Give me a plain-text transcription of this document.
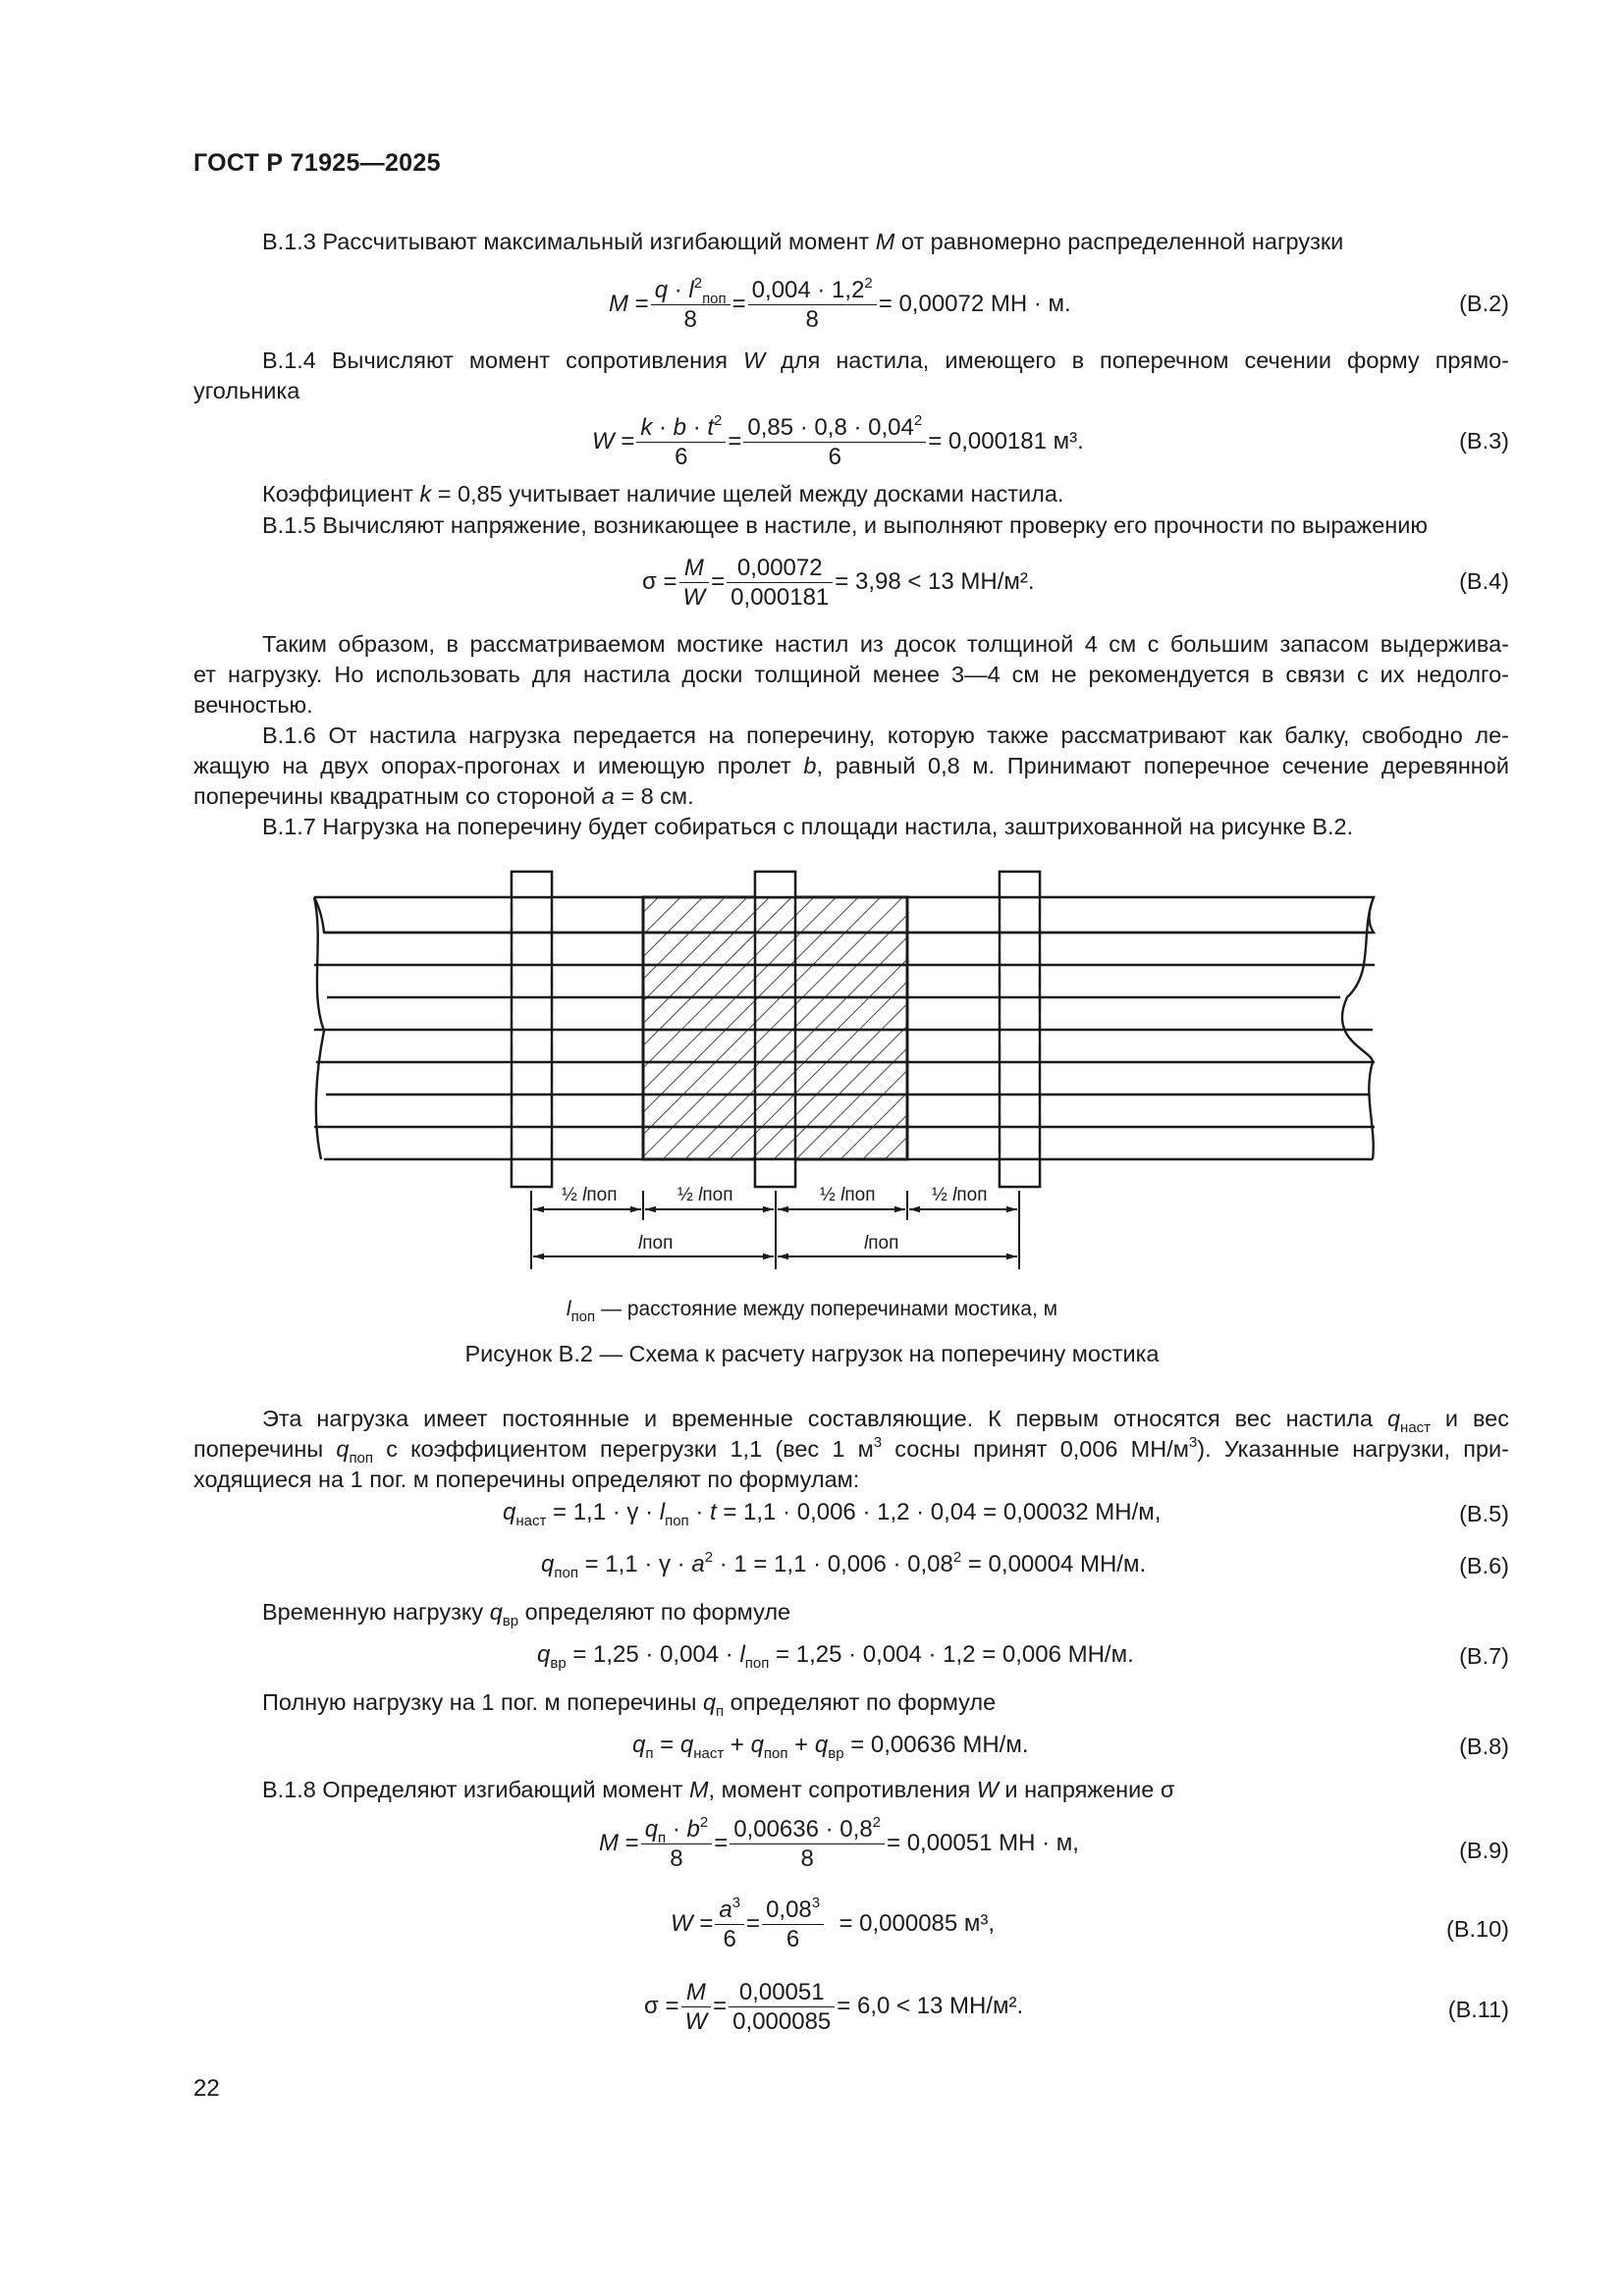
ГОСТ Р 71925—2025
В.1.3 Рассчитывают максимальный изгибающий момент M от равномерно распределенной нагрузки
$M = \frac{q \cdot l^2_{поп}}{8} = \frac{0,004 \cdot 1,2^2}{8} = 0,00072$ МН · м.	(В.2)
В.1.4 Вычисляют момент сопротивления W для настила, имеющего в поперечном сечении форму прямо-
угольника
$W = \frac{k \cdot b \cdot t^2}{6} = \frac{0,85 \cdot 0,8 \cdot 0,04^2}{6} = 0,000181$ м³.	(В.3)
Коэффициент k = 0,85 учитывает наличие щелей между досками настила.
В.1.5 Вычисляют напряжение, возникающее в настиле, и выполняют проверку его прочности по выражению
$\sigma = \frac{M}{W} = \frac{0,00072}{0,000181} = 3,98 < 13$ МН/м².	(В.4)
Таким образом, в рассматриваемом мостике настил из досок толщиной 4 см с большим запасом выдержива-
ет нагрузку. Но использовать для настила доски толщиной менее 3—4 см не рекомендуется в связи с их недолго-
вечностью.
В.1.6 От настила нагрузка передается на поперечину, которую также рассматривают как балку, свободно ле-
жащую на двух опорах-прогонах и имеющую пролет b, равный 0,8 м. Принимают поперечное сечение деревянной
поперечины квадратным со стороной a = 8 см.
В.1.7 Нагрузка на поперечину будет собираться с площади настила, заштрихованной на рисунке В.2.
½ lпоп	½ lпоп	½ lпоп	½ lпоп
lпоп	lпоп
$l_{поп}$ — расстояние между поперечинами мостика, м
Рисунок В.2 — Схема к расчету нагрузок на поперечину мостика
Эта нагрузка имеет постоянные и временные составляющие. К первым относятся вес настила $q_{наст}$ и вес
поперечины $q_{поп}$ с коэффициентом перегрузки 1,1 (вес 1 $м^3$ сосны принят 0,006 $МН/м^3$). Указанные нагрузки, при-
ходящиеся на 1 пог. м поперечины определяют по формулам:
$q_{наст} = 1,1 \cdot \gamma \cdot l_{поп} \cdot t = 1,1 \cdot 0,006 \cdot 1,2 \cdot 0,04 = 0,00032$ МН/м,	(В.5)
$q_{поп} = 1,1 \cdot \gamma \cdot a^2 \cdot 1 = 1,1 \cdot 0,006 \cdot 0,08^2 = 0,00004$ МН/м.	(В.6)
Временную нагрузку $q_{вр}$ определяют по формуле
$q_{вр} = 1,25 \cdot 0,004 \cdot l_{поп} = 1,25 \cdot 0,004 \cdot 1,2 = 0,006$ МН/м.	(В.7)
Полную нагрузку на 1 пог. м поперечины $q_п$ определяют по формуле
$q_п = q_{наст} + q_{поп} + q_{вр} = 0,00636$ МН/м.	(В.8)
В.1.8 Определяют изгибающий момент M, момент сопротивления W и напряжение σ
$M = \frac{q_п \cdot b^2}{8} = \frac{0,00636 \cdot 0,8^2}{8} = 0,00051$ МН · м,	(В.9)
$W = \frac{a^3}{6} = \frac{0,08^3}{6} = 0,000085$ м³,	(В.10)
$\sigma = \frac{M}{W} = \frac{0,00051}{0,000085} = 6,0 < 13$ МН/м².	(В.11)
22
